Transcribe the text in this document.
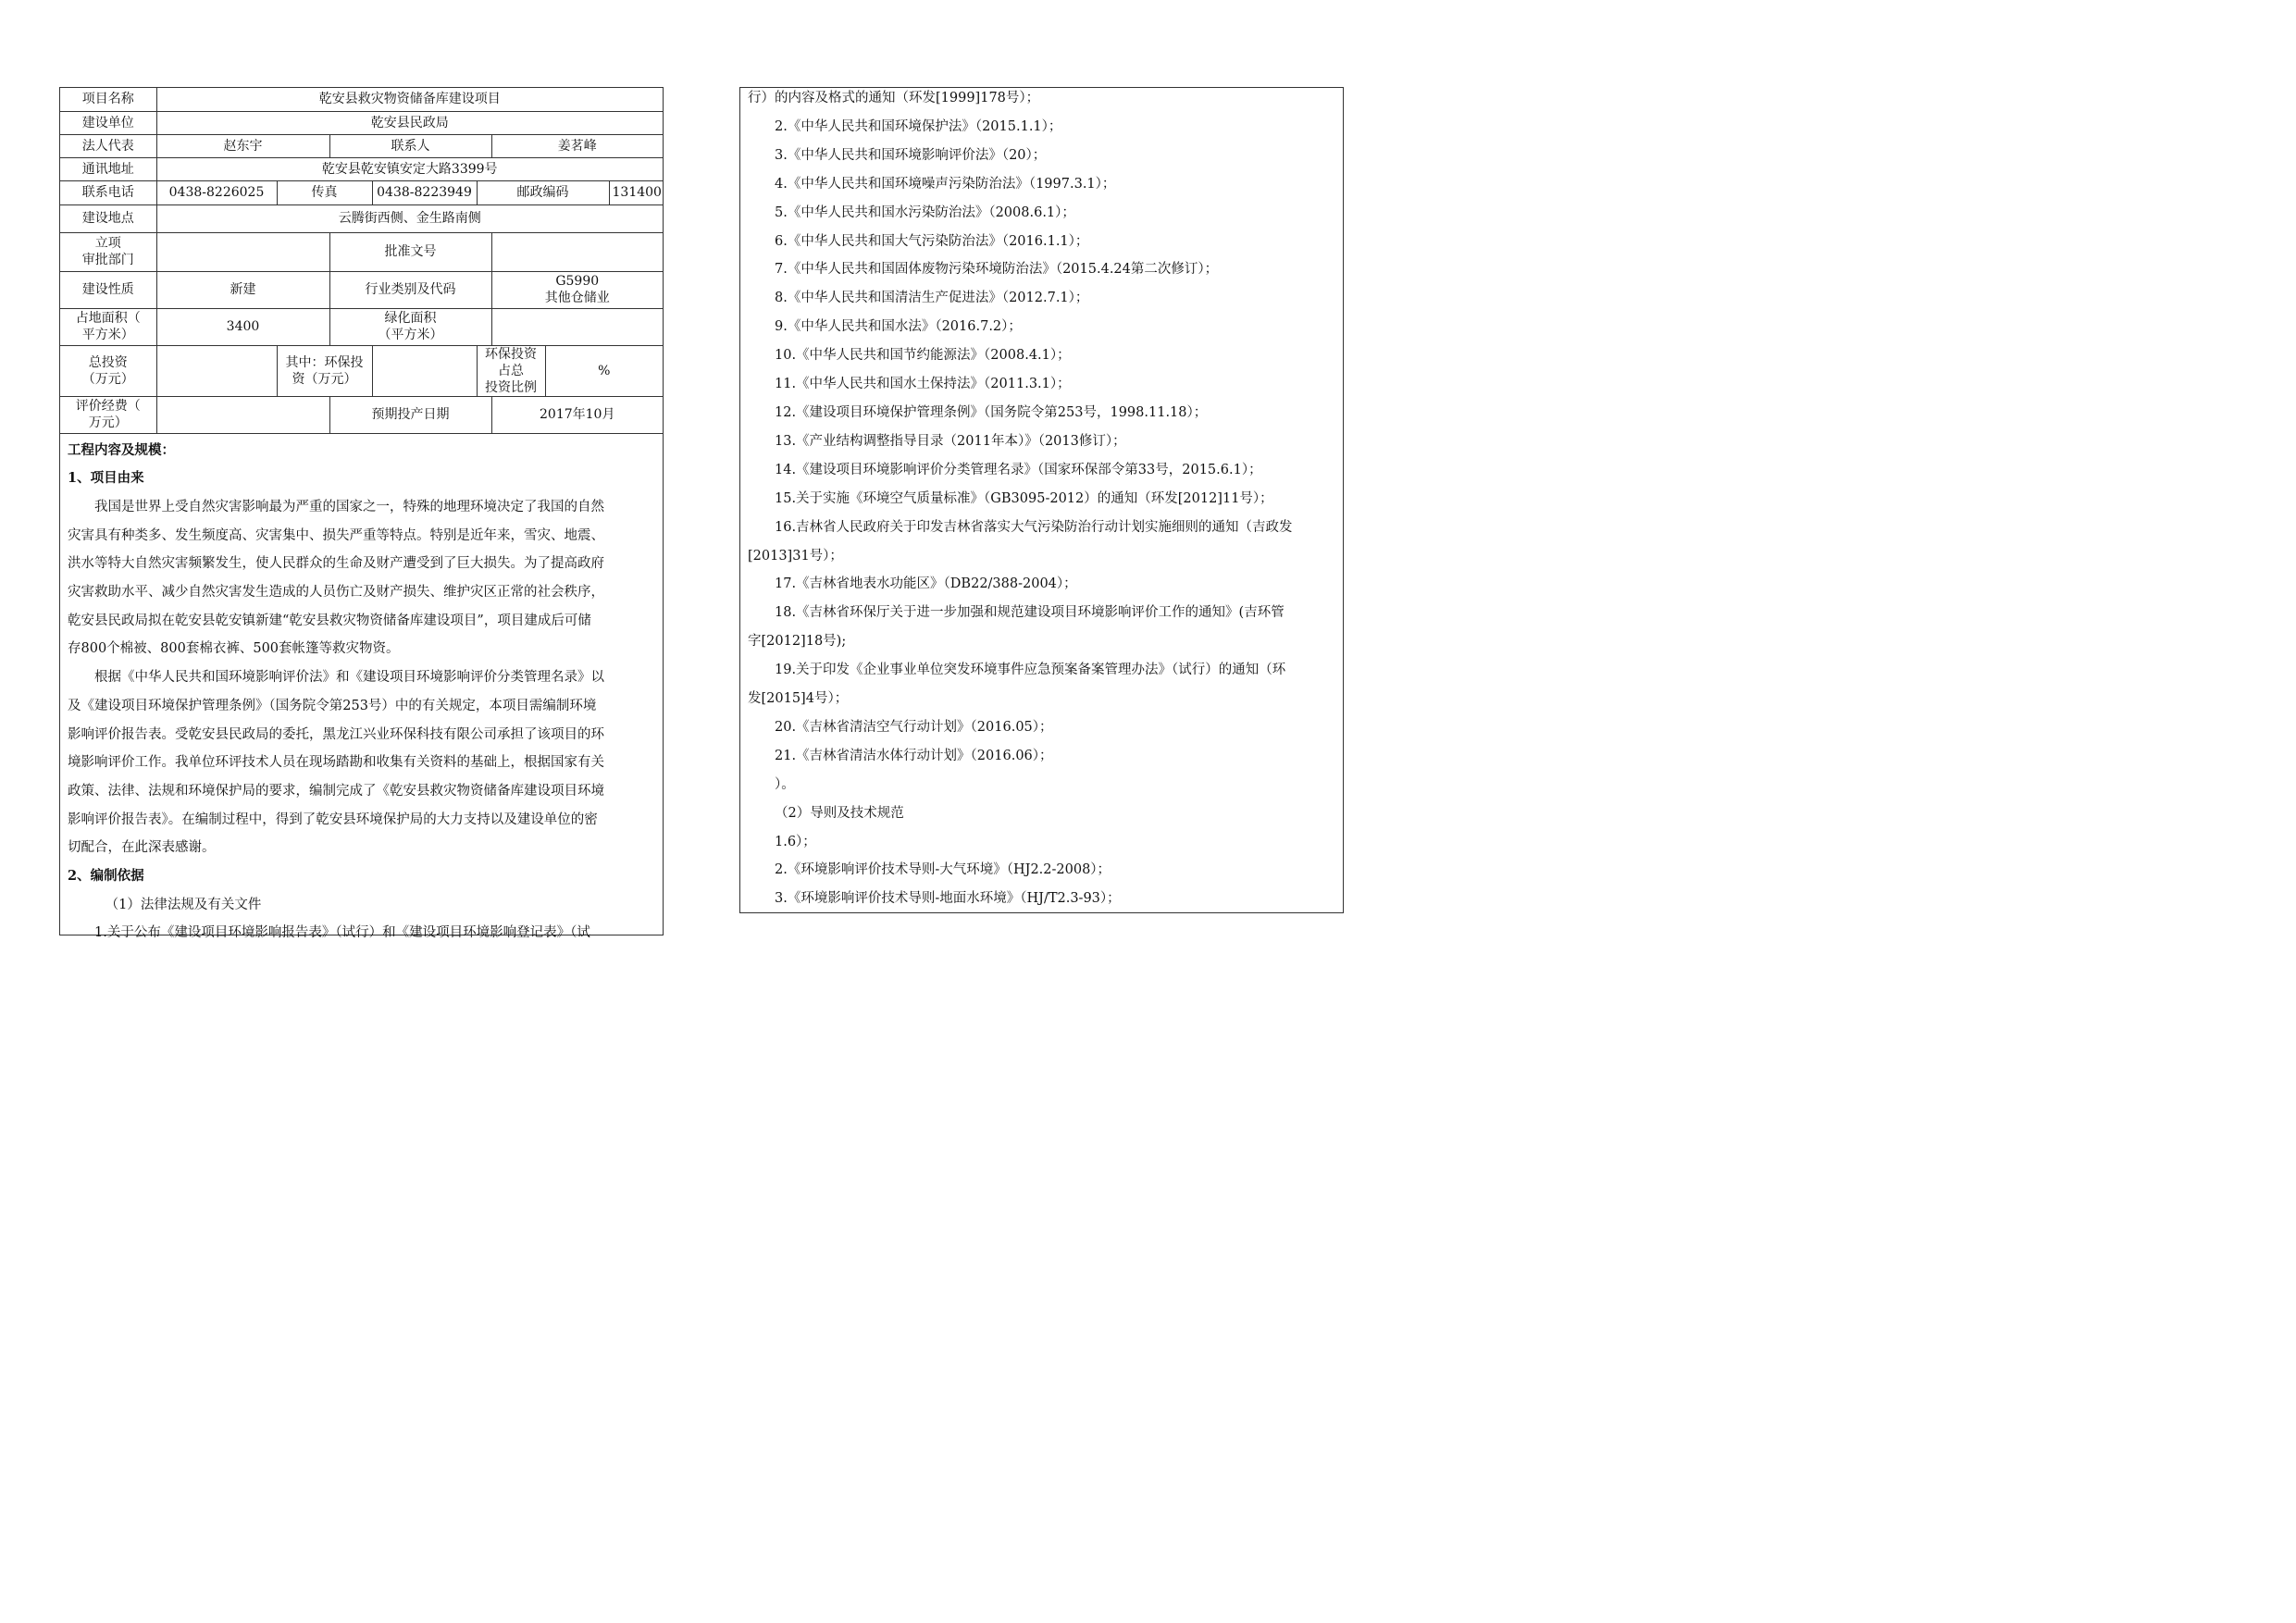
项目名称	乾安县救灾物资储备库建设项目							
建设单位	乾安县民政局							
法人代表	赵东宇		联系人			姜茗峰		
通讯地址	乾安县乾安镇安定大路3399号							
联系电话	0438-8226025	传真		0438-8223949	邮政编码			131400
建设地点	云腾街西侧、金生路南侧							

立项
审批部门			批准文号					
建设性质	新建		行业类别及代码			G5990
其他仓储业		

占地面积（
平方米）	3400		绿化面积
（平方米）					

总投资
（万元）		其中：环保投
资（万元）			环保投资占总
投资比例		%	

评价经费（
万元）			预期投产日期			2017年10月		

工程内容及规模：

1、项目由来

我国是世界上受自然灾害影响最为严重的国家之一，特殊的地理环境决定了我国的自然

灾害具有种类多、发生频度高、灾害集中、损失严重等特点。特别是近年来，雪灾、地震、

洪水等特大自然灾害频繁发生，使人民群众的生命及财产遭受到了巨大损失。为了提高政府

灾害救助水平、减少自然灾害发生造成的人员伤亡及财产损失、维护灾区正常的社会秩序，

乾安县民政局拟在乾安县乾安镇新建“乾安县救灾物资储备库建设项目”，项目建成后可储

存800个棉被、800套棉衣裤、500套帐篷等救灾物资。

根据《中华人民共和国环境影响评价法》和《建设项目环境影响评价分类管理名录》以

及《建设项目环境保护管理条例》（国务院令第253号）中的有关规定，本项目需编制环境

影响评价报告表。受乾安县民政局的委托，黑龙江兴业环保科技有限公司承担了该项目的环

境影响评价工作。我单位环评技术人员在现场踏勘和收集有关资料的基础上，根据国家有关

政策、法律、法规和环境保护局的要求，编制完成了《乾安县救灾物资储备库建设项目环境

影响评价报告表》。在编制过程中，得到了乾安县环境保护局的大力支持以及建设单位的密

切配合，在此深表感谢。

2、编制依据

（1）法律法规及有关文件

1.关于公布《建设项目环境影响报告表》（试行）和《建设项目环境影响登记表》（试

行）的内容及格式的通知（环发[1999]178号）；

2.《中华人民共和国环境保护法》（2015.1.1）；

3.《中华人民共和国环境影响评价法》（20）；

4.《中华人民共和国环境噪声污染防治法》（1997.3.1）；

5.《中华人民共和国水污染防治法》（2008.6.1）；

6.《中华人民共和国大气污染防治法》（2016.1.1）；

7.《中华人民共和国固体废物污染环境防治法》（2015.4.24第二次修订）；

8.《中华人民共和国清洁生产促进法》（2012.7.1）；

9.《中华人民共和国水法》（2016.7.2）；

10.《中华人民共和国节约能源法》（2008.4.1）；

11.《中华人民共和国水土保持法》（2011.3.1）；

12.《建设项目环境保护管理条例》（国务院令第253号，1998.11.18）；

13.《产业结构调整指导目录（2011年本）》（2013修订）；

14.《建设项目环境影响评价分类管理名录》（国家环保部令第33号，2015.6.1）；

15.关于实施《环境空气质量标准》（GB3095-2012）的通知（环发[2012]11号）；

16.吉林省人民政府关于印发吉林省落实大气污染防治行动计划实施细则的通知（吉政发

[2013]31号）；

17.《吉林省地表水功能区》（DB22/388-2004）；

18.《吉林省环保厅关于进一步加强和规范建设项目环境影响评价工作的通知》(吉环管

字[2012]18号);

19.关于印发《企业事业单位突发环境事件应急预案备案管理办法》（试行）的通知（环

发[2015]4号）；

20.《吉林省清洁空气行动计划》（2016.05）；

21.《吉林省清洁水体行动计划》（2016.06）；

）。

（2）导则及技术规范

1.6）；

2.《环境影响评价技术导则-大气环境》（HJ2.2-2008）；

3.《环境影响评价技术导则-地面水环境》（HJ/T2.3-93）；
